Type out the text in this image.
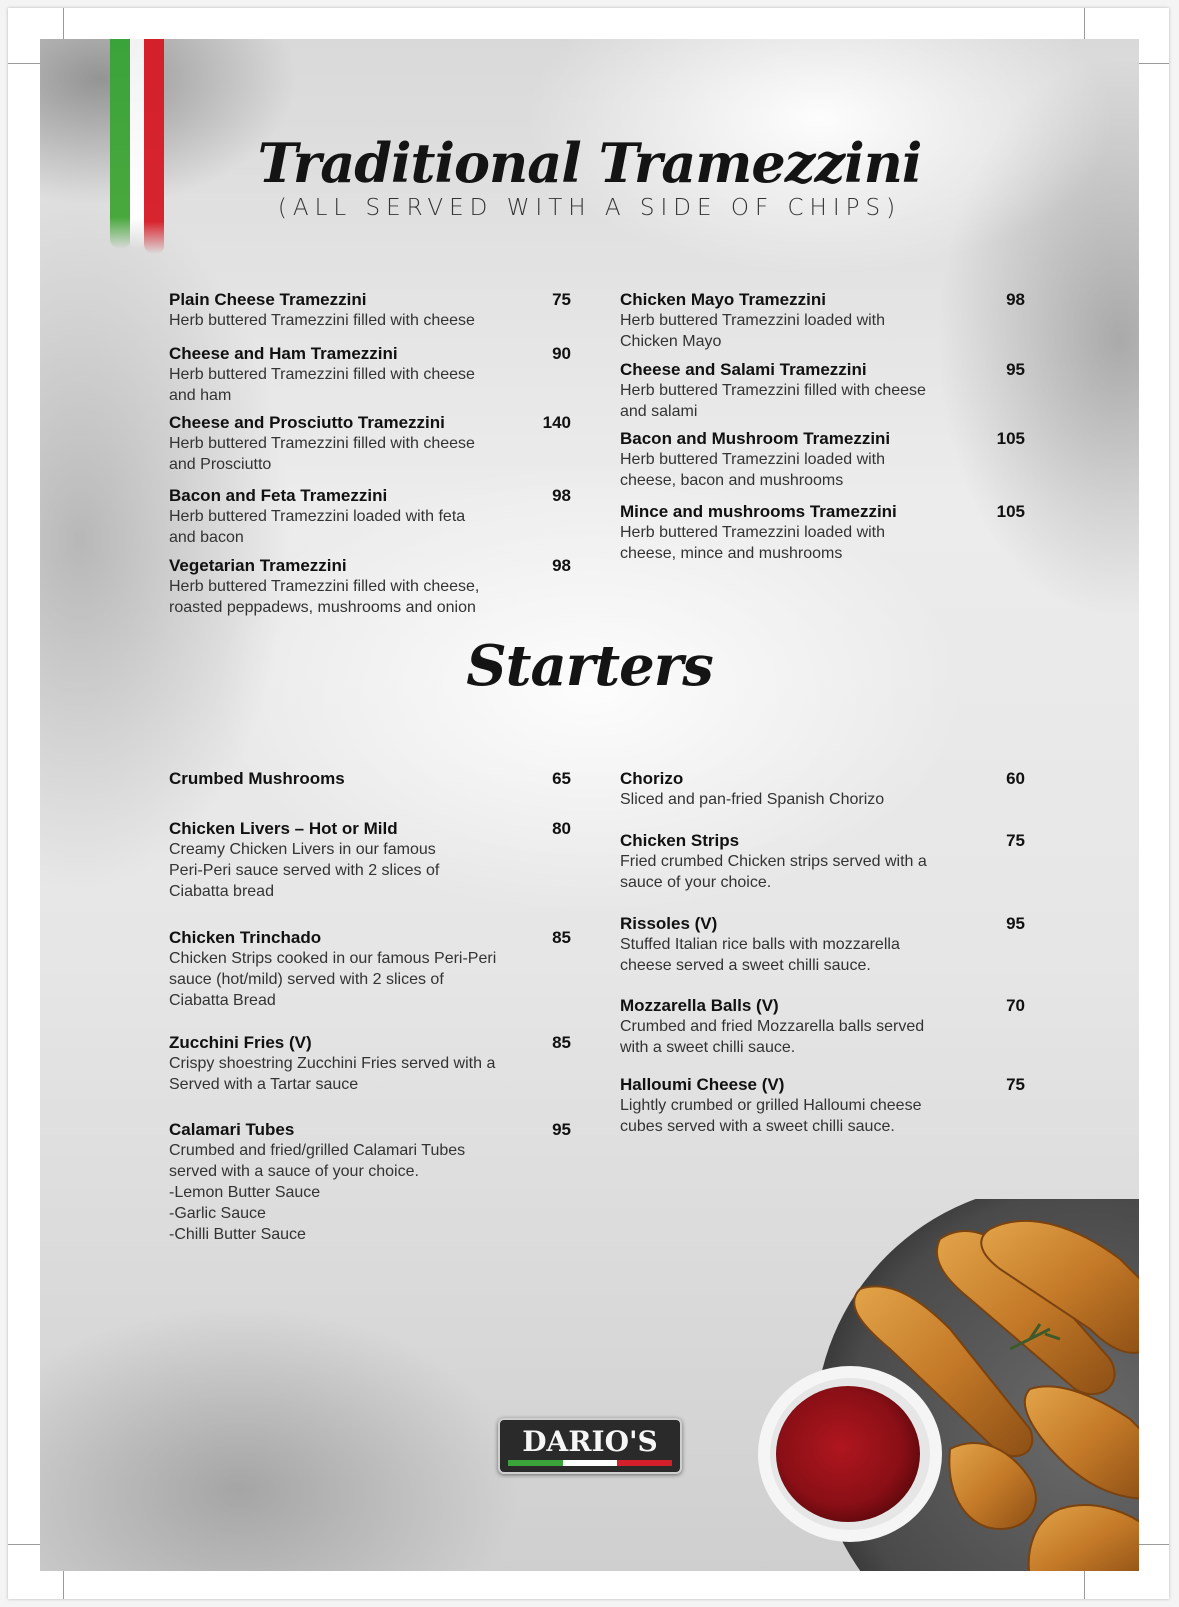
Traditional Tramezzini
(ALL SERVED WITH A SIDE OF CHIPS)
Plain Cheese Tramezzini	75

Herb buttered Tramezzini filled with cheese

Cheese and Ham Tramezzini	90

Herb buttered Tramezzini filled with cheese
and ham

Cheese and Prosciutto Tramezzini	140

Herb buttered Tramezzini filled with cheese
and Prosciutto

Bacon and Feta Tramezzini	98

Herb buttered Tramezzini loaded with feta
and bacon

Vegetarian Tramezzini	98

Herb buttered Tramezzini filled with cheese,
roasted peppadews, mushrooms and onion

Chicken Mayo Tramezzini	98

Herb buttered Tramezzini loaded with
Chicken Mayo

Cheese and Salami Tramezzini	95

Herb buttered Tramezzini filled with cheese
and salami

Bacon and Mushroom Tramezzini	105

Herb buttered Tramezzini loaded with
cheese, bacon and mushrooms

Mince and mushrooms Tramezzini	105

Herb buttered Tramezzini loaded with
cheese, mince and mushrooms

Starters
Crumbed Mushrooms	65
Chicken Livers – Hot or Mild	80

Creamy Chicken Livers in our famous
Peri-Peri sauce served with 2 slices of
Ciabatta bread

Chicken Trinchado	85

Chicken Strips cooked in our famous Peri-Peri
sauce (hot/mild) served with 2 slices of
Ciabatta Bread

Zucchini Fries (V)	85

Crispy shoestring Zucchini Fries served with a
Served with a Tartar sauce

Calamari Tubes	95

Crumbed and fried/grilled Calamari Tubes
served with a sauce of your choice.
-Lemon Butter Sauce
-Garlic Sauce
-Chilli Butter Sauce

Chorizo	60

Sliced and pan-fried Spanish Chorizo

Chicken Strips	75

Fried crumbed Chicken strips served with a
sauce of your choice.

Rissoles (V)	95

Stuffed Italian rice balls with mozzarella
cheese served a sweet chilli sauce.

Mozzarella Balls (V)	70

Crumbed and fried Mozzarella balls served
with a sweet chilli sauce.

Halloumi Cheese (V)	75

Lightly crumbed or grilled Halloumi cheese
cubes served with a sweet chilli sauce.

DARIO'S
